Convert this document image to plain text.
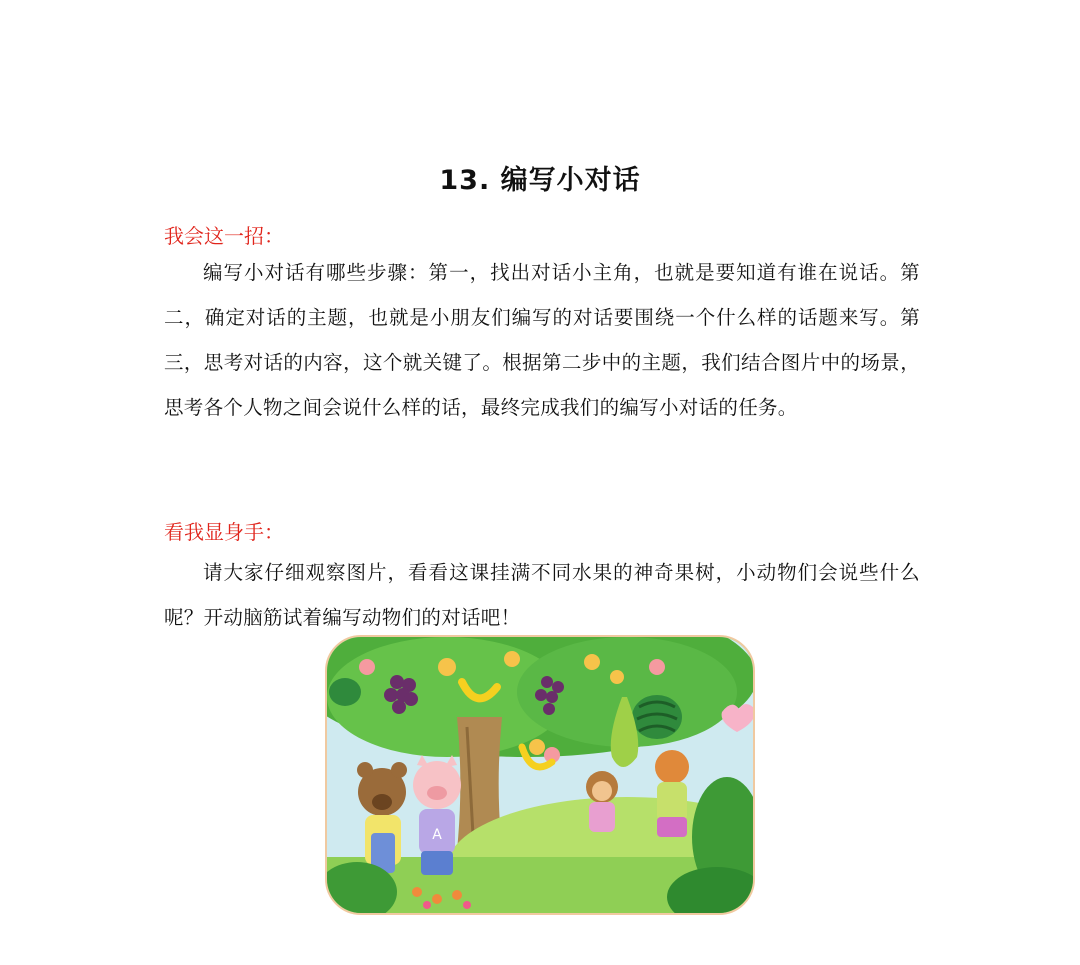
13. 编写小对话
我会这一招：
编写小对话有哪些步骤：第一，找出对话小主角，也就是要知道有谁在说话。第二，确定对话的主题，也就是小朋友们编写的对话要围绕一个什么样的话题来写。第三，思考对话的内容，这个就关键了。根据第二步中的主题，我们结合图片中的场景，思考各个人物之间会说什么样的话，最终完成我们的编写小对话的任务。
看我显身手：
请大家仔细观察图片，看看这课挂满不同水果的神奇果树，小动物们会说些什么呢？开动脑筋试着编写动物们的对话吧！
A
